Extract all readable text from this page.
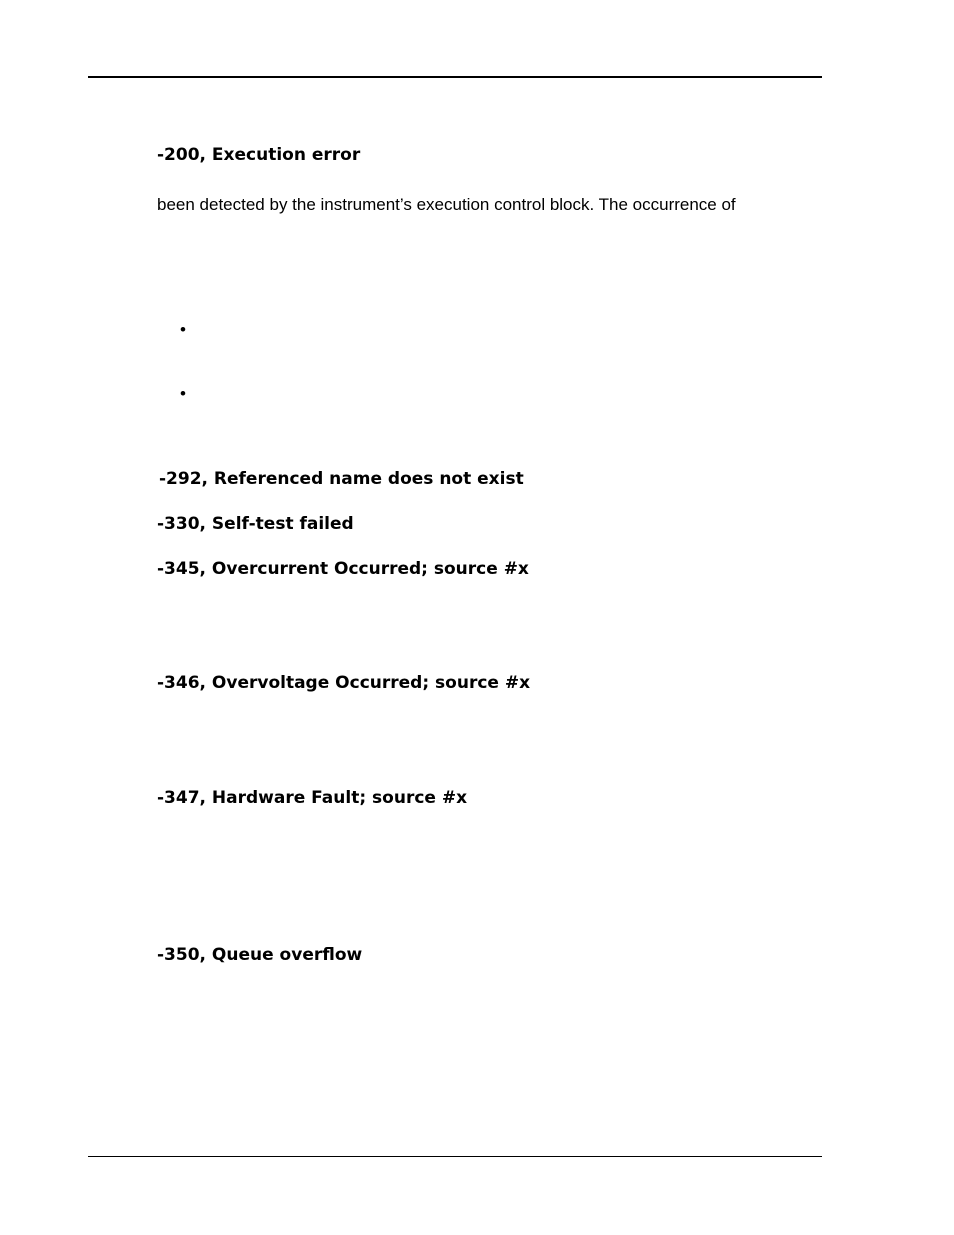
-200, Execution error
been detected by the instrument’s execution control block. The occurrence of
•
•
-292, Referenced name does not exist
-330, Self-test failed
-345, Overcurrent Occurred; source #x
-346, Overvoltage Occurred; source #x
-347, Hardware Fault; source #x
-350, Queue overflow
